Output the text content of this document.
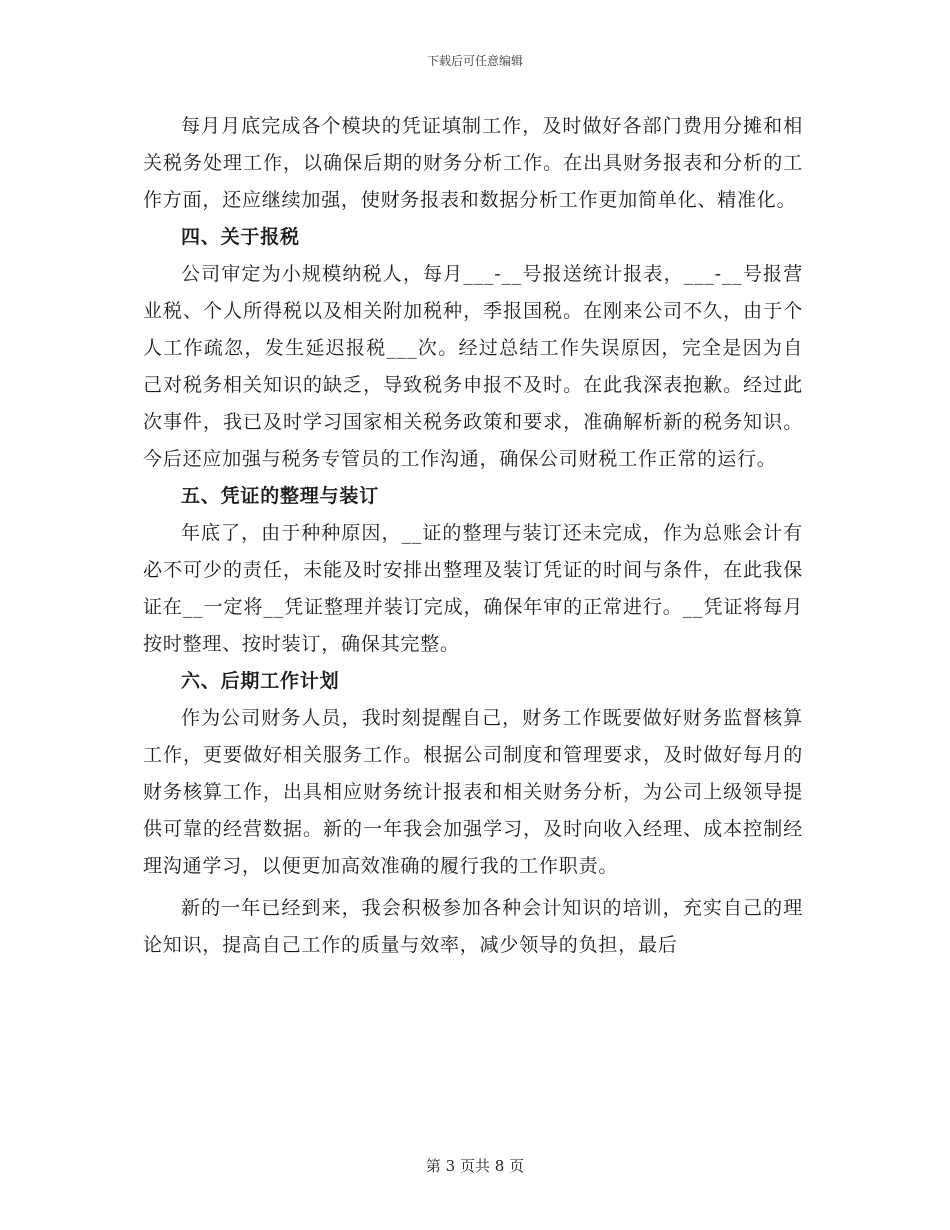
下载后可任意编辑

每月月底完成各个模块的凭证填制工作，及时做好各部门费用分摊和相关税务处理工作，以确保后期的财务分析工作。在出具财务报表和分析的工作方面，还应继续加强，使财务报表和数据分析工作更加简单化、精准化。

四、关于报税

公司审定为小规模纳税人，每月___-__号报送统计报表，___-__号报营业税、个人所得税以及相关附加税种，季报国税。在刚来公司不久，由于个人工作疏忽，发生延迟报税___次。经过总结工作失误原因，完全是因为自己对税务相关知识的缺乏，导致税务申报不及时。在此我深表抱歉。经过此次事件，我已及时学习国家相关税务政策和要求，准确解析新的税务知识。今后还应加强与税务专管员的工作沟通，确保公司财税工作正常的运行。

五、凭证的整理与装订

年底了，由于种种原因，__证的整理与装订还未完成，作为总账会计有必不可少的责任，未能及时安排出整理及装订凭证的时间与条件，在此我保证在__一定将__凭证整理并装订完成，确保年审的正常进行。__凭证将每月按时整理、按时装订，确保其完整。

六、后期工作计划

作为公司财务人员，我时刻提醒自己，财务工作既要做好财务监督核算工作，更要做好相关服务工作。根据公司制度和管理要求，及时做好每月的财务核算工作，出具相应财务统计报表和相关财务分析，为公司上级领导提供可靠的经营数据。新的一年我会加强学习，及时向收入经理、成本控制经理沟通学习，以便更加高效准确的履行我的工作职责。

新的一年已经到来，我会积极参加各种会计知识的培训，充实自己的理论知识，提高自己工作的质量与效率，减少领导的负担，最后

第 3 页共 8 页
